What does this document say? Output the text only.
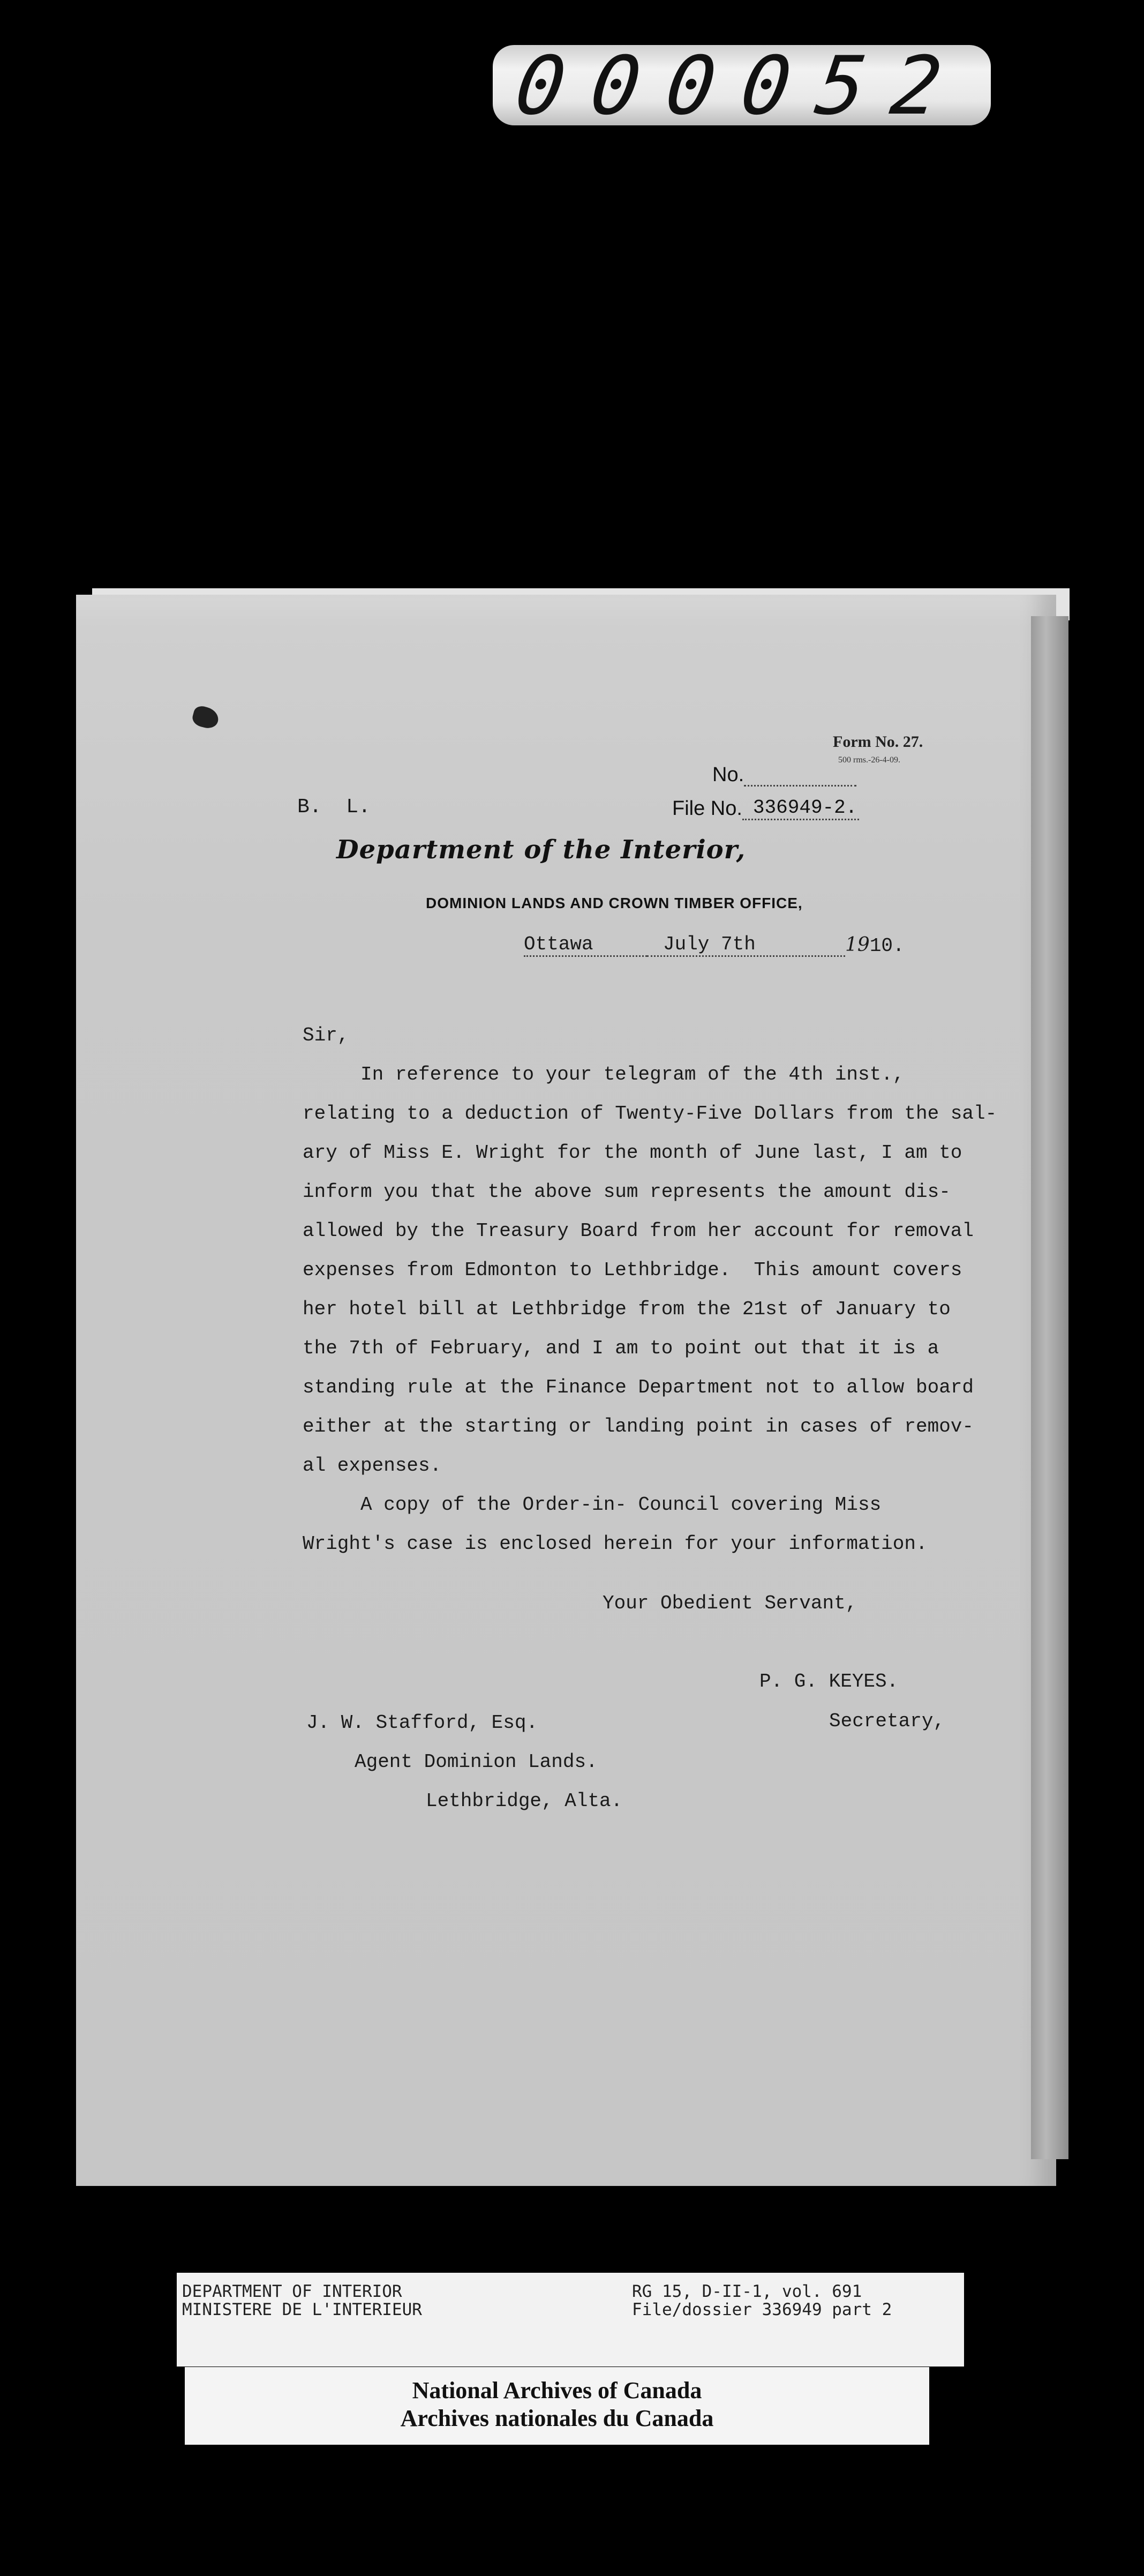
000052
Form No. 27.
500 rms.-26-4-09.
No.
B.  L.	File No. 336949-2.
Department of the Interior,
DOMINION LANDS AND CROWN TIMBER OFFICE,
Ottawa	July 7th	1910.
Sir,
In reference to your telegram of the 4th inst.,
relating to a deduction of Twenty-Five Dollars from the sal-
ary of Miss E. Wright for the month of June last, I am to
inform you that the above sum represents the amount dis-
allowed by the Treasury Board from her account for removal
expenses from Edmonton to Lethbridge.  This amount covers
her hotel bill at Lethbridge from the 21st of January to
the 7th of February, and I am to point out that it is a
standing rule at the Finance Department not to allow board
either at the starting or landing point in cases of remov-
al expenses.
A copy of the Order-in- Council covering Miss
Wright's case is enclosed herein for your information.
Your Obedient Servant,
P. G. KEYES.
Secretary,
J. W. Stafford, Esq.
Agent Dominion Lands.
Lethbridge, Alta.
DEPARTMENT OF INTERIOR
MINISTERE DE L'INTERIEUR
RG 15, D-II-1, vol. 691
File/dossier 336949 part 2
National Archives of Canada
Archives nationales du Canada
